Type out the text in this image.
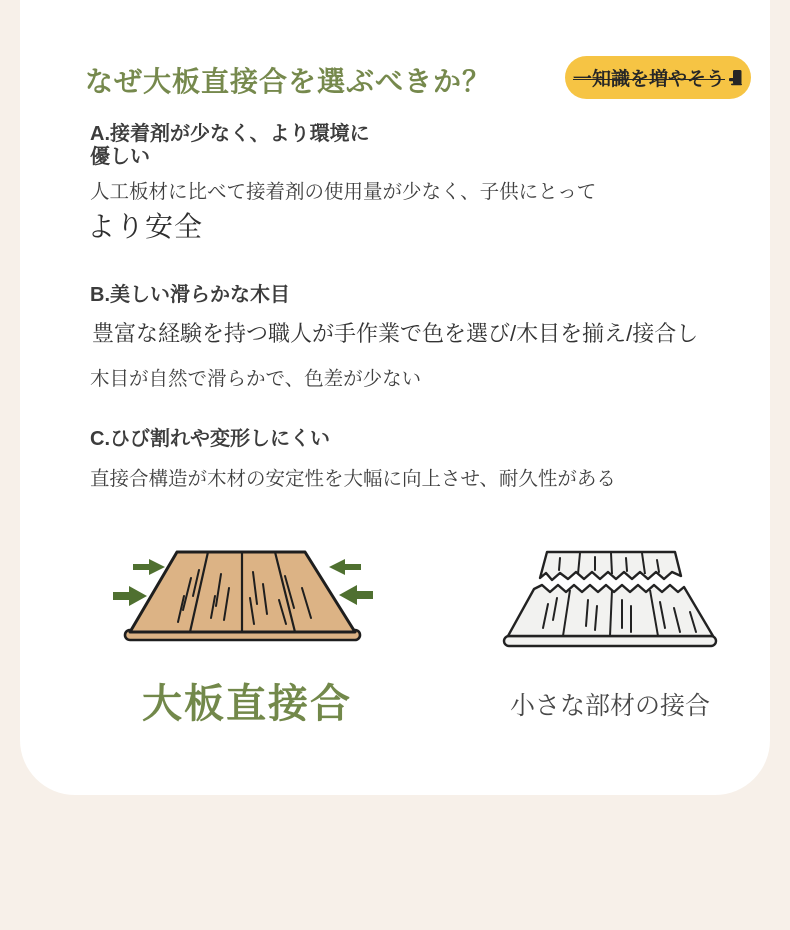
なぜ大板直接合を選ぶべきか？	一知識を増やそう
A.接着剤が少なく、より環境に
優しい
人工板材に比べて接着剤の使用量が少なく、子供にとって
より安全
B.美しい滑らかな木目
豊富な経験を持つ職人が手作業で色を選び/木目を揃え/接合し
木目が自然で滑らかで、色差が少ない
C.ひび割れや変形しにくい
直接合構造が木材の安定性を大幅に向上させ、耐久性がある
大板直接合	小さな部材の接合
